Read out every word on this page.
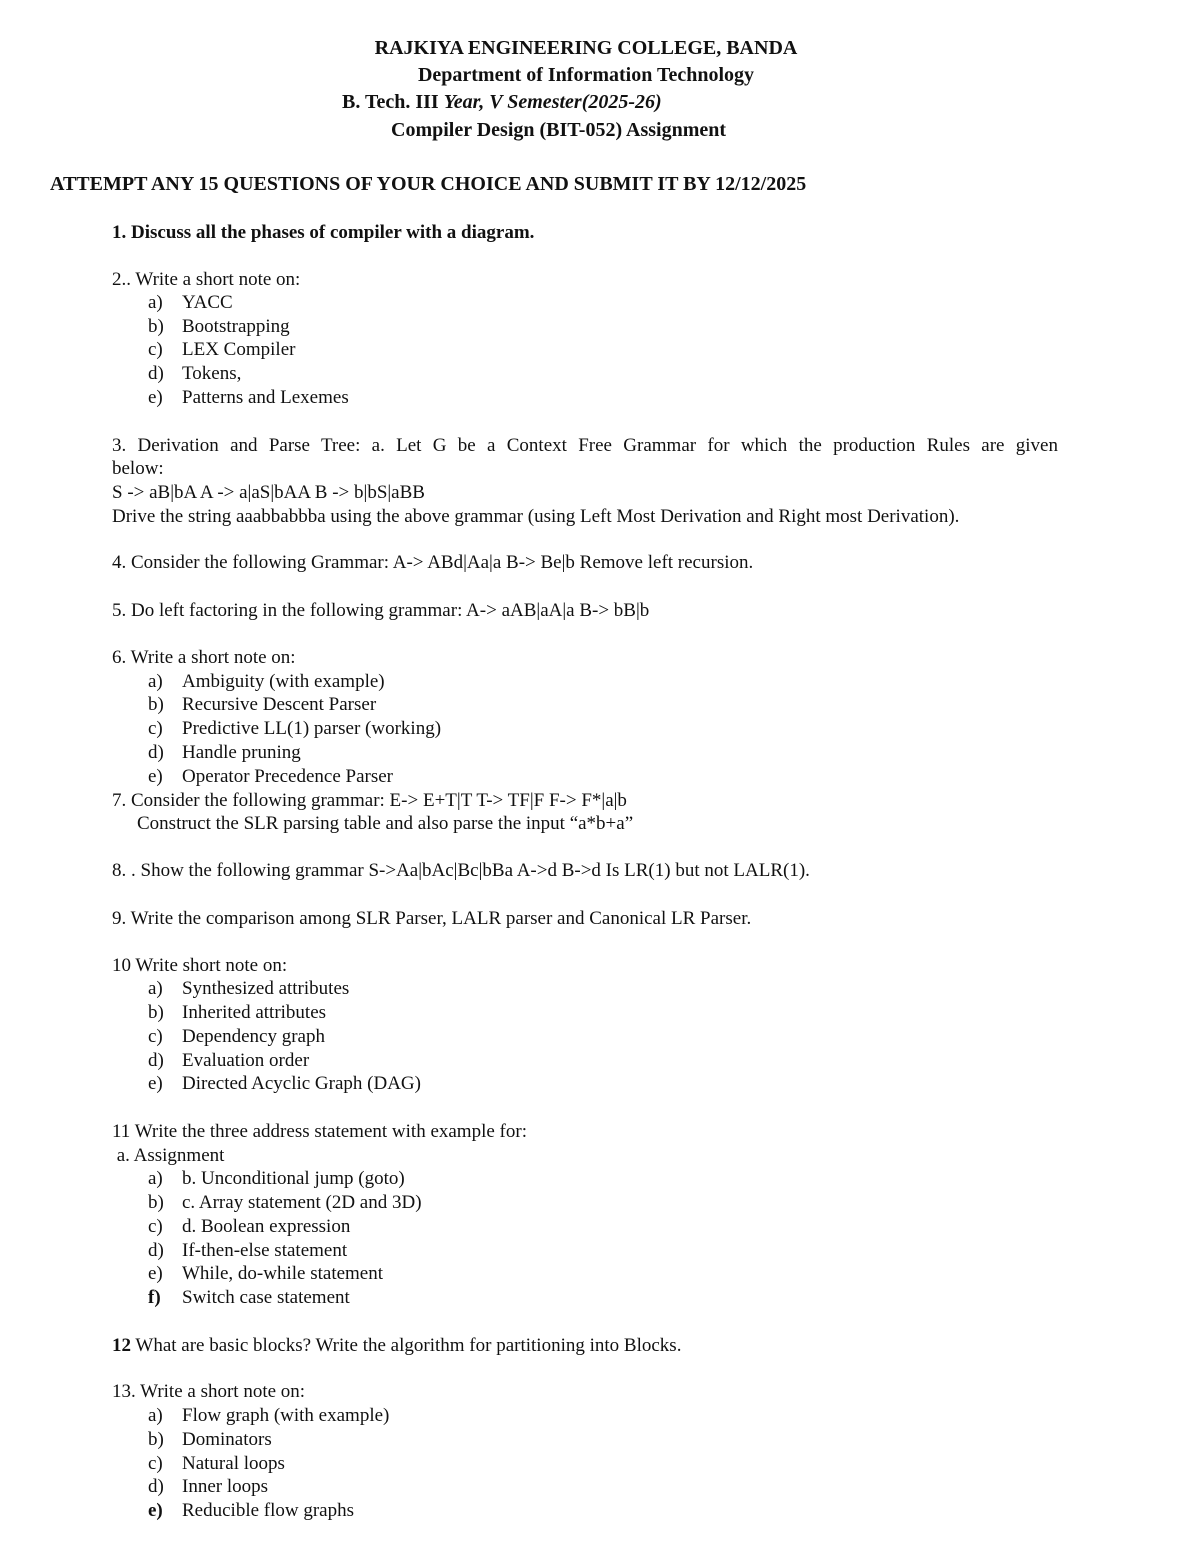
RAJKIYA ENGINEERING COLLEGE, BANDA
Department of Information Technology
B. Tech. III Year, V Semester(2025-26)
Compiler Design (BIT-052) Assignment
ATTEMPT ANY 15 QUESTIONS OF YOUR CHOICE AND SUBMIT IT BY 12/12/2025
1. Discuss all the phases of compiler with a diagram.
2.. Write a short note on:
a) YACC
b) Bootstrapping
c) LEX Compiler
d) Tokens,
e) Patterns and Lexemes
3. Derivation and Parse Tree: a. Let G be a Context Free Grammar for which the production Rules are given
below:
S -> aB|bA A -> a|aS|bAA B -> b|bS|aBB
Drive the string aaabbabbba using the above grammar (using Left Most Derivation and Right most Derivation).
4. Consider the following Grammar: A-> ABd|Aa|a B-> Be|b Remove left recursion.
5. Do left factoring in the following grammar: A-> aAB|aA|a B-> bB|b
6. Write a short note on:
a) Ambiguity (with example)
b) Recursive Descent Parser
c) Predictive LL(1) parser (working)
d) Handle pruning
e) Operator Precedence Parser
7. Consider the following grammar: E-> E+T|T T-> TF|F F-> F*|a|b
Construct the SLR parsing table and also parse the input “a*b+a”
8. . Show the following grammar S->Aa|bAc|Bc|bBa A->d B->d Is LR(1) but not LALR(1).
9. Write the comparison among SLR Parser, LALR parser and Canonical LR Parser.
10 Write short note on:
a) Synthesized attributes
b) Inherited attributes
c) Dependency graph
d) Evaluation order
e) Directed Acyclic Graph (DAG)
11 Write the three address statement with example for:
a. Assignment
a) b. Unconditional jump (goto)
b) c. Array statement (2D and 3D)
c) d. Boolean expression
d) If-then-else statement
e) While, do-while statement
f) Switch case statement
12 What are basic blocks? Write the algorithm for partitioning into Blocks.
13. Write a short note on:
a) Flow graph (with example)
b) Dominators
c) Natural loops
d) Inner loops
e) Reducible flow graphs
